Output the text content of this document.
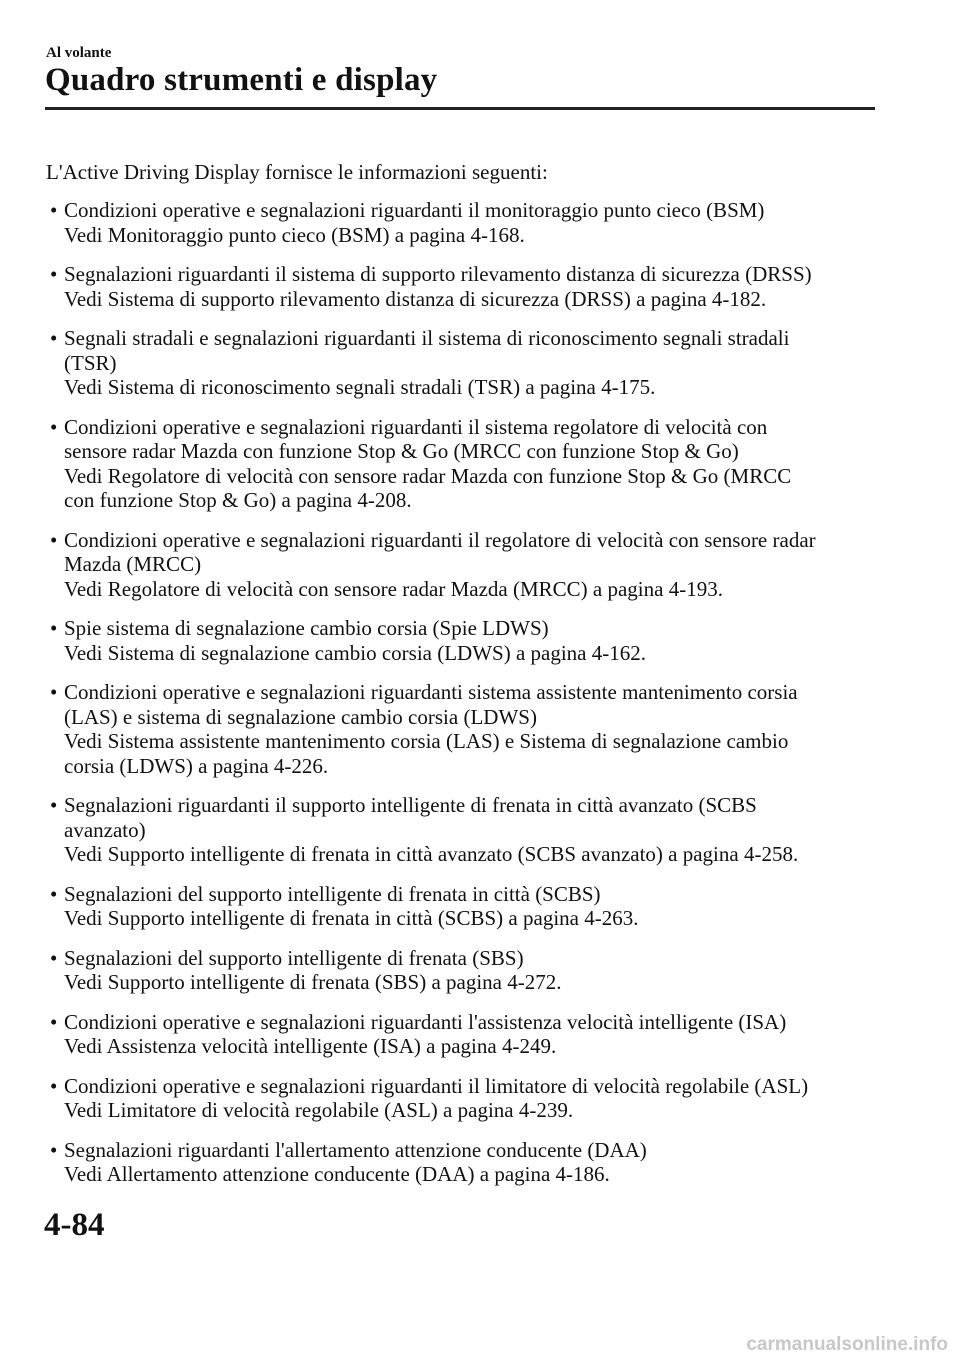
Al volante
Quadro strumenti e display

L'Active Driving Display fornisce le informazioni seguenti:

• Condizioni operative e segnalazioni riguardanti il monitoraggio punto cieco (BSM)
Vedi Monitoraggio punto cieco (BSM) a pagina 4-168.
• Segnalazioni riguardanti il sistema di supporto rilevamento distanza di sicurezza (DRSS)
Vedi Sistema di supporto rilevamento distanza di sicurezza (DRSS) a pagina 4-182.
• Segnali stradali e segnalazioni riguardanti il sistema di riconoscimento segnali stradali
(TSR)
Vedi Sistema di riconoscimento segnali stradali (TSR) a pagina 4-175.
• Condizioni operative e segnalazioni riguardanti il sistema regolatore di velocità con
sensore radar Mazda con funzione Stop & Go (MRCC con funzione Stop & Go)
Vedi Regolatore di velocità con sensore radar Mazda con funzione Stop & Go (MRCC
con funzione Stop & Go) a pagina 4-208.
• Condizioni operative e segnalazioni riguardanti il regolatore di velocità con sensore radar
Mazda (MRCC)
Vedi Regolatore di velocità con sensore radar Mazda (MRCC) a pagina 4-193.
• Spie sistema di segnalazione cambio corsia (Spie LDWS)
Vedi Sistema di segnalazione cambio corsia (LDWS) a pagina 4-162.
• Condizioni operative e segnalazioni riguardanti sistema assistente mantenimento corsia
(LAS) e sistema di segnalazione cambio corsia (LDWS)
Vedi Sistema assistente mantenimento corsia (LAS) e Sistema di segnalazione cambio
corsia (LDWS) a pagina 4-226.
• Segnalazioni riguardanti il supporto intelligente di frenata in città avanzato (SCBS
avanzato)
Vedi Supporto intelligente di frenata in città avanzato (SCBS avanzato) a pagina 4-258.
• Segnalazioni del supporto intelligente di frenata in città (SCBS)
Vedi Supporto intelligente di frenata in città (SCBS) a pagina 4-263.
• Segnalazioni del supporto intelligente di frenata (SBS)
Vedi Supporto intelligente di frenata (SBS) a pagina 4-272.
• Condizioni operative e segnalazioni riguardanti l'assistenza velocità intelligente (ISA)
Vedi Assistenza velocità intelligente (ISA) a pagina 4-249.
• Condizioni operative e segnalazioni riguardanti il limitatore di velocità regolabile (ASL)
Vedi Limitatore di velocità regolabile (ASL) a pagina 4-239.
• Segnalazioni riguardanti l'allertamento attenzione conducente (DAA)
Vedi Allertamento attenzione conducente (DAA) a pagina 4-186.
4-84
carmanualsonline.info
